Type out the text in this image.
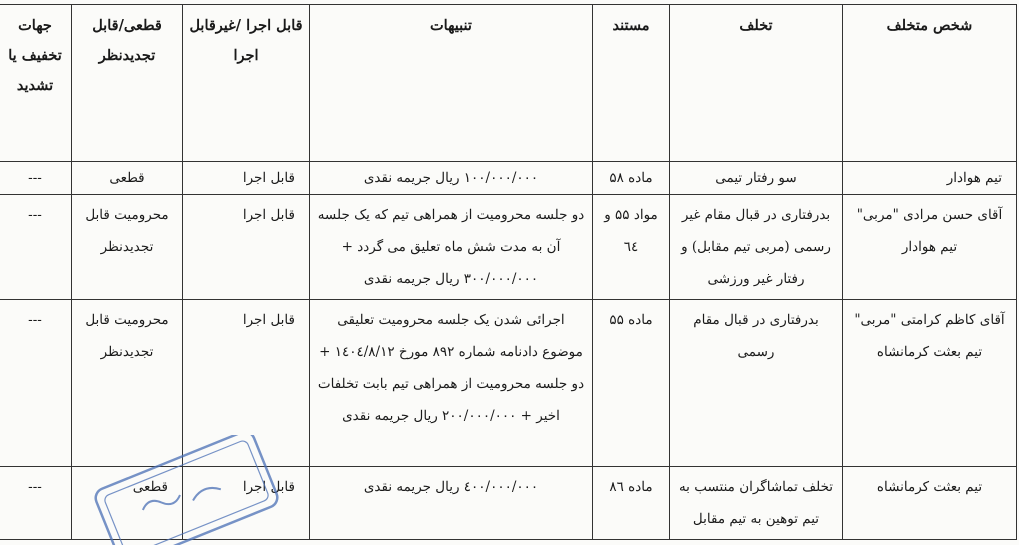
شخص متخلف	تخلف	مستند	تنبیهات	قابل اجرا /غیرقابل اجرا	قطعی/قابل تجدیدنظر	جهات تخفیف یا تشدید
تیم هوادار	سو رفتار تیمی	ماده ۵۸	۱۰۰/۰۰۰/۰۰۰ ریال جریمه نقدی	قابل اجرا	قطعی	---
آقای حسن مرادی "مربی" تیم هوادار	بدرفتاری در قبال مقام غیر رسمی (مربی تیم مقابل) و رفتار غیر ورزشی	مواد ۵۵ و ٦٤	دو جلسه محرومیت از همراهی تیم که یک جلسه آن به مدت شش ماه تعلیق می گردد + ۳۰۰/۰۰۰/۰۰۰ ریال جریمه نقدی	قابل اجرا	محرومیت قابل تجدیدنظر	---
آقای کاظم کرامتی "مربی" تیم بعثت کرمانشاه	بدرفتاری در قبال مقام رسمی	ماده ۵۵	اجرائی شدن یک جلسه محرومیت تعلیقی موضوع دادنامه شماره ۸۹۲ مورخ ۱٤۰٤/۸/۱۲ + دو جلسه محرومیت از همراهی تیم بابت تخلفات اخیر + ۲۰۰/۰۰۰/۰۰۰ ریال جریمه نقدی	قابل اجرا	محرومیت قابل تجدیدنظر	---
تیم بعثت کرمانشاه	تخلف تماشاگران منتسب به تیم توهین به تیم مقابل	ماده ٨٦	٤۰۰/۰۰۰/۰۰۰ ریال جریمه نقدی	قابل اجرا	قطعی	---
